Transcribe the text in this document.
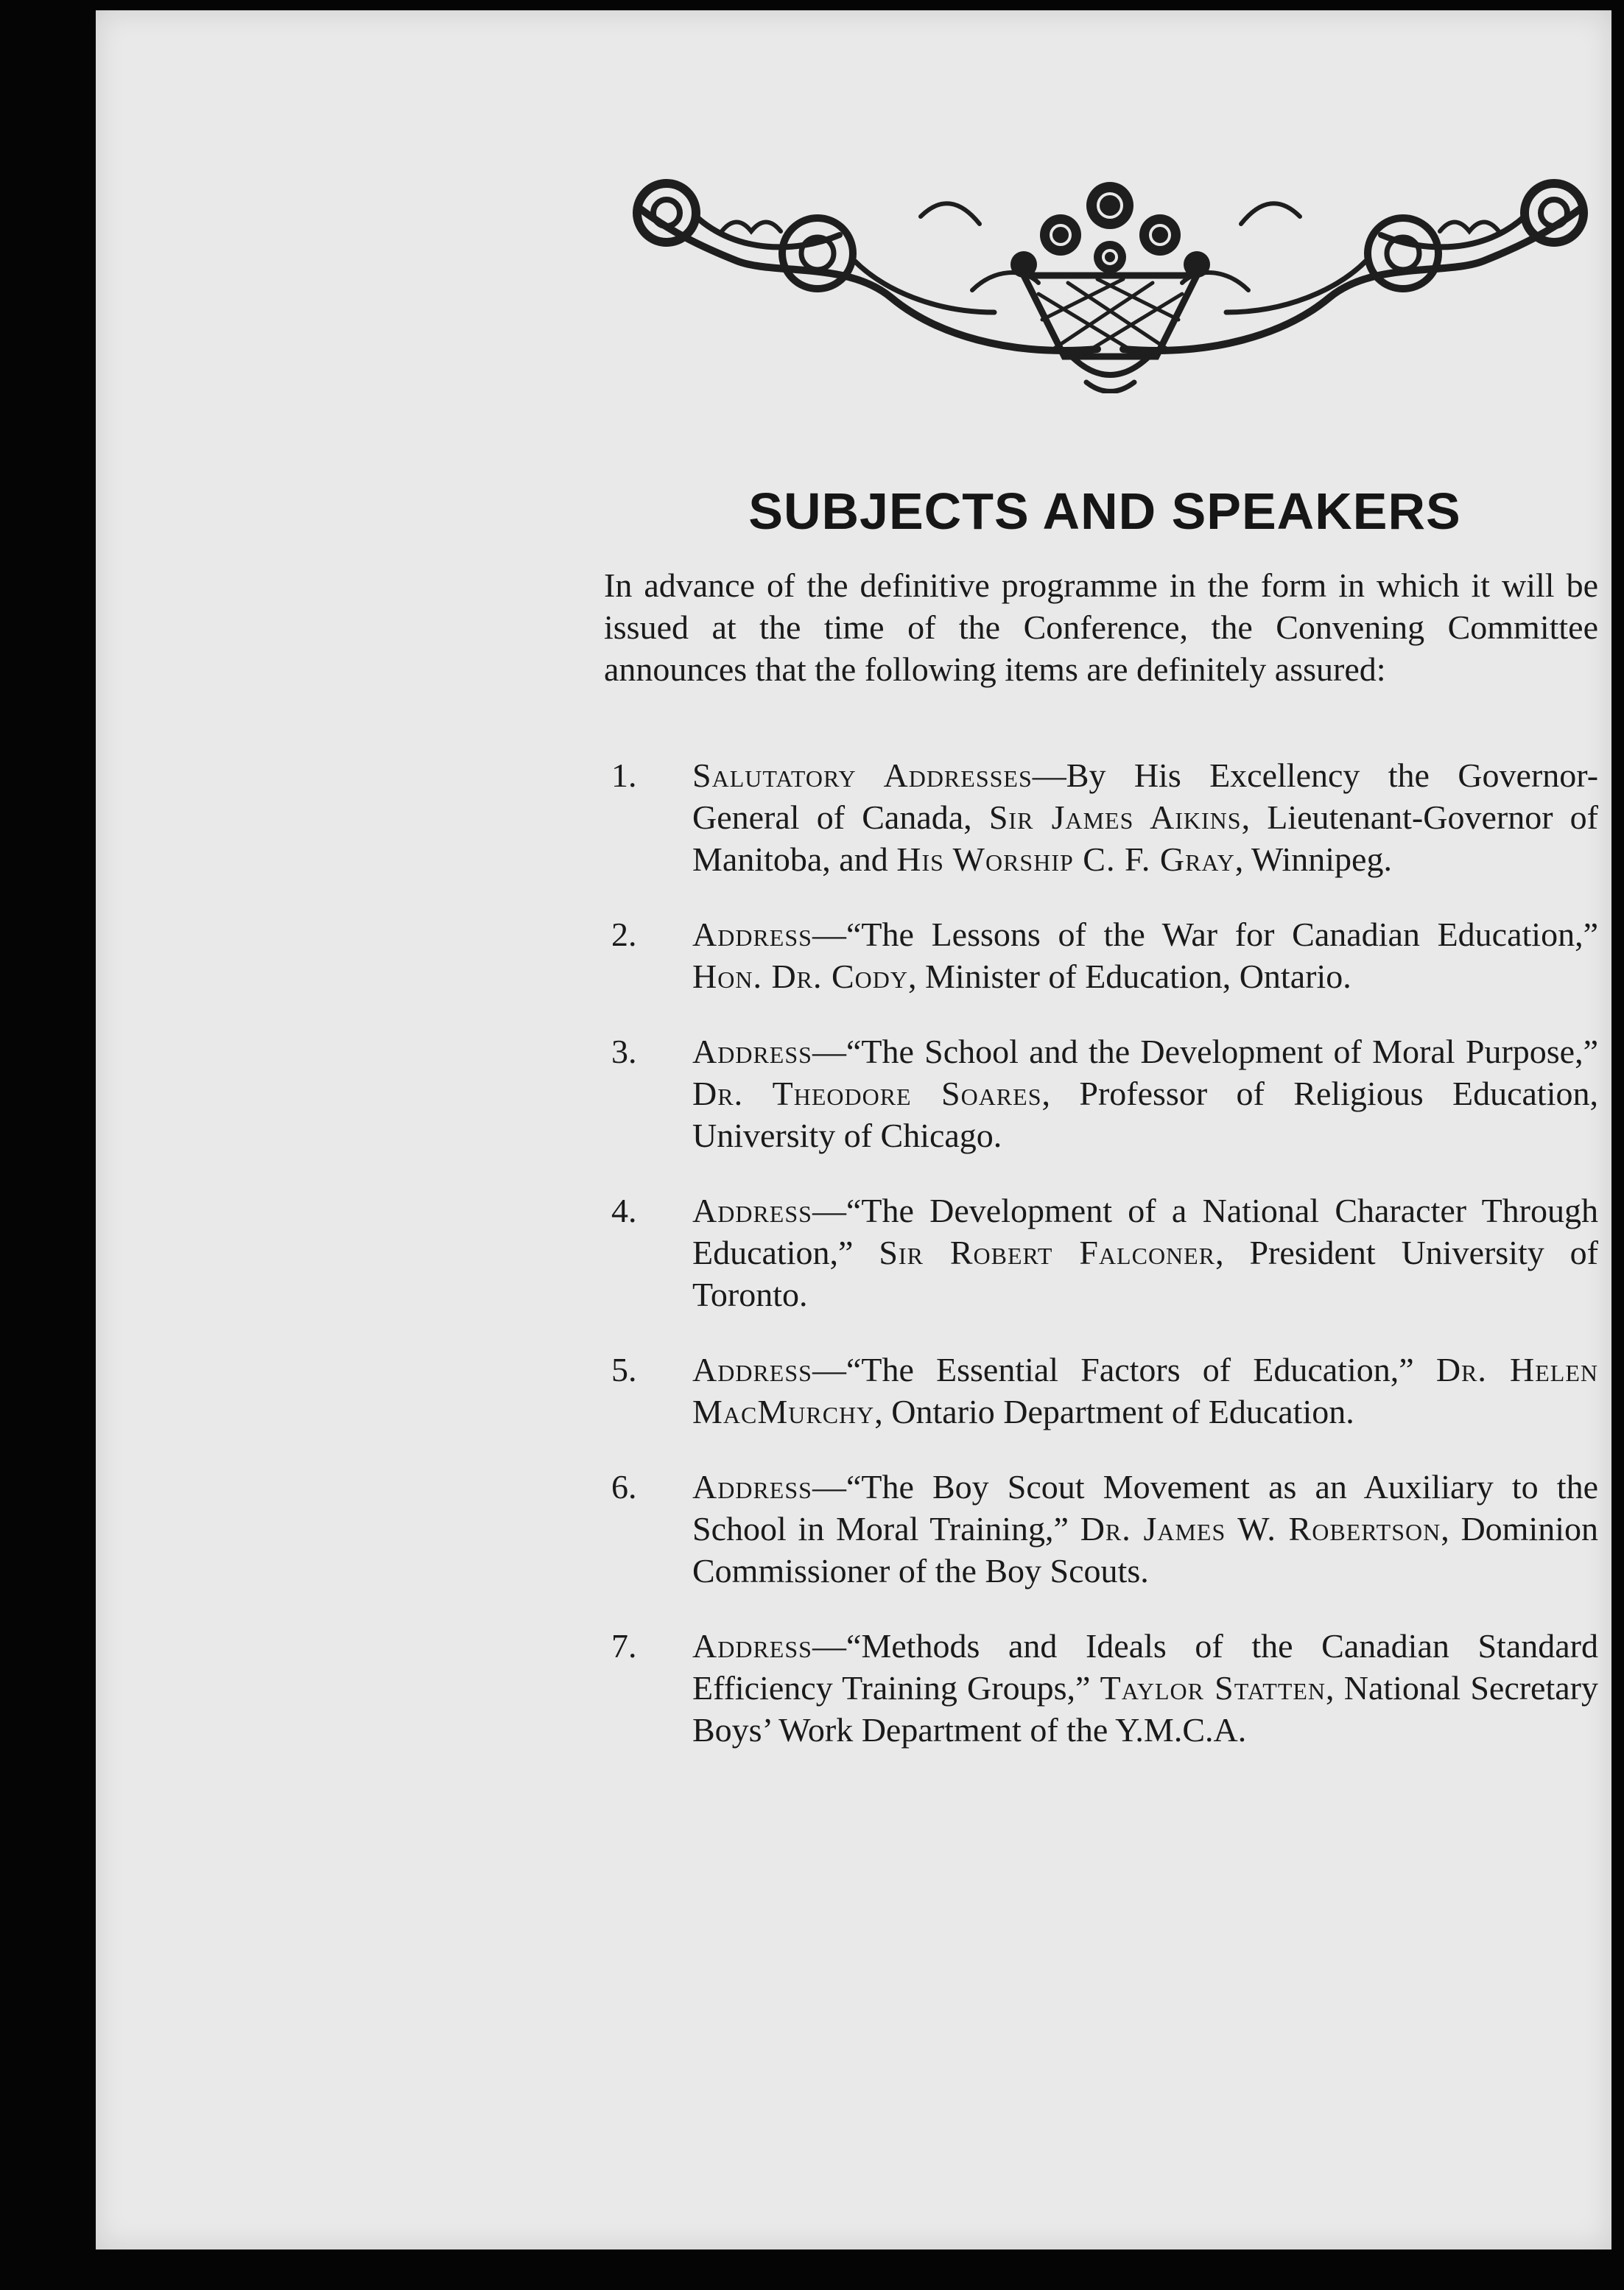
SUBJECTS AND SPEAKERS

In advance of the definitive programme in the form in which it will be issued at the time of the Conference, the Convening Committee announces that the following items are definitely assured:

1. Salutatory Addresses—By His Excellency the Governor-General of Canada, Sir James Aikins, Lieutenant-Governor of Manitoba, and His Worship C. F. Gray, Winnipeg.
2. Address—“The Lessons of the War for Canadian Education,” Hon. Dr. Cody, Minister of Education, Ontario.
3. Address—“The School and the Development of Moral Purpose,” Dr. Theodore Soares, Professor of Religious Education, University of Chicago.
4. Address—“The Development of a National Character Through Education,” Sir Robert Falconer, President University of Toronto.
5. Address—“The Essential Factors of Education,” Dr. Helen MacMurchy, Ontario Department of Education.
6. Address—“The Boy Scout Movement as an Auxiliary to the School in Moral Training,” Dr. James W. Robertson, Dominion Commissioner of the Boy Scouts.
7. Address—“Methods and Ideals of the Canadian Standard Efficiency Training Groups,” Taylor Statten, National Secretary Boys’ Work Department of the Y.M.C.A.
